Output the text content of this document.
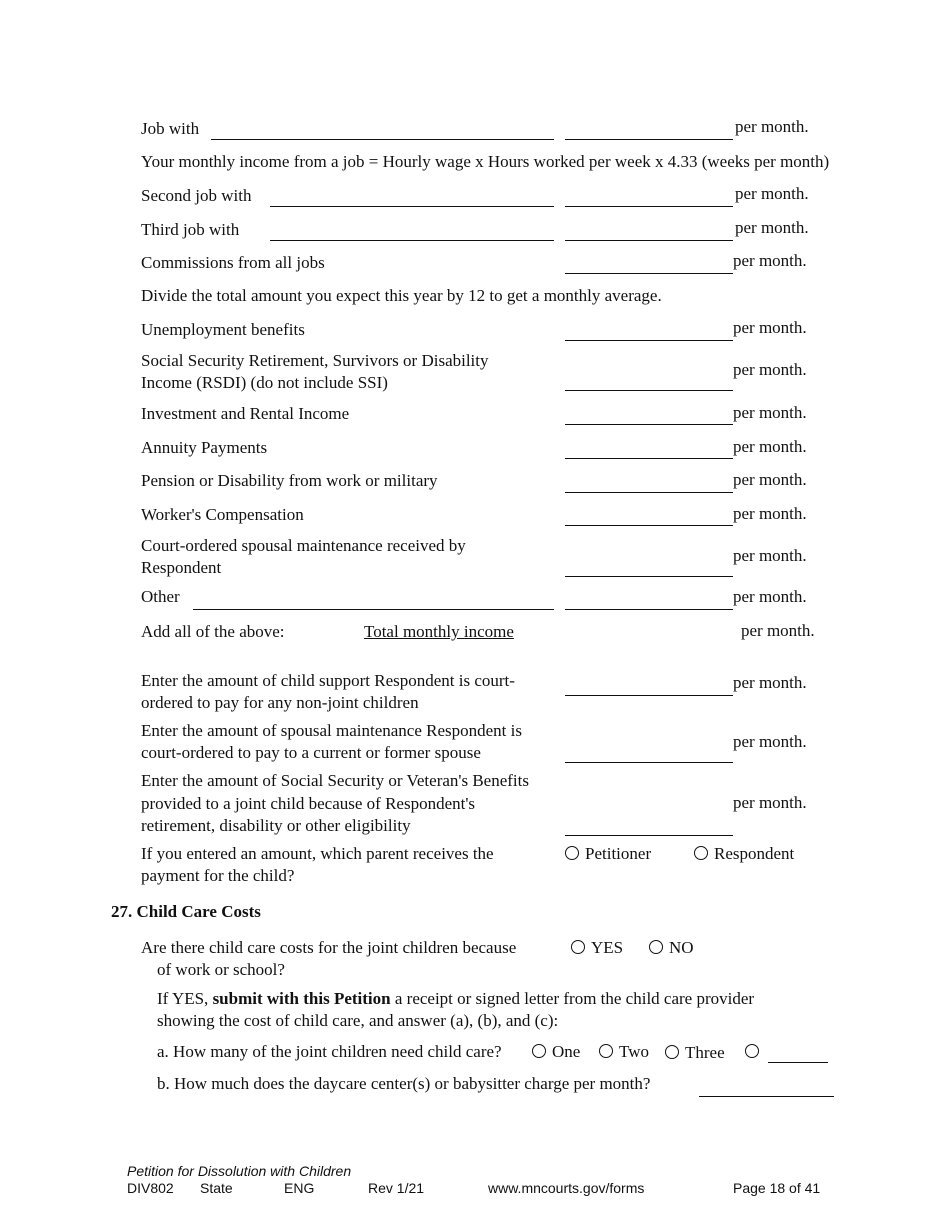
Job with	per month.
Your monthly income from a job = Hourly wage x Hours worked per week x 4.33 (weeks per month)
Second job with	per month.
Third job with	per month.
Commissions from all jobs	per month.
Divide the total amount you expect this year by 12 to get a monthly average.
Unemployment benefits	per month.
Social Security Retirement, Survivors or Disability
Income (RSDI) (do not include SSI)
per month.
Investment and Rental Income	per month.
Annuity Payments	per month.
Pension or Disability from work or military	per month.
Worker's Compensation	per month.
Court-ordered spousal maintenance received by
Respondent
per month.
Other	per month.
Add all of the above:	Total monthly income	per month.
Enter the amount of child support Respondent is court-
ordered to pay for any non-joint children
per month.
Enter the amount of spousal maintenance Respondent is
court-ordered to pay to a current or former spouse
per month.
Enter the amount of Social Security or Veteran's Benefits
provided to a joint child because of Respondent's
retirement, disability or other eligibility
per month.
If you entered an amount, which parent receives the
payment for the child?
Petitioner	Respondent
27. Child Care Costs
Are there child care costs for the joint children because
of work or school?
YES	NO
If YES, submit with this Petition a receipt or signed letter from the child care provider
showing the cost of child care, and answer (a), (b), and (c):
a. How many of the joint children need child care?	One	Two	Three
b. How much does the daycare center(s) or babysitter charge per month?
Petition for Dissolution with Children
DIV802 State	ENG	Rev 1/21	www.mncourts.gov/forms	Page 18 of 41
